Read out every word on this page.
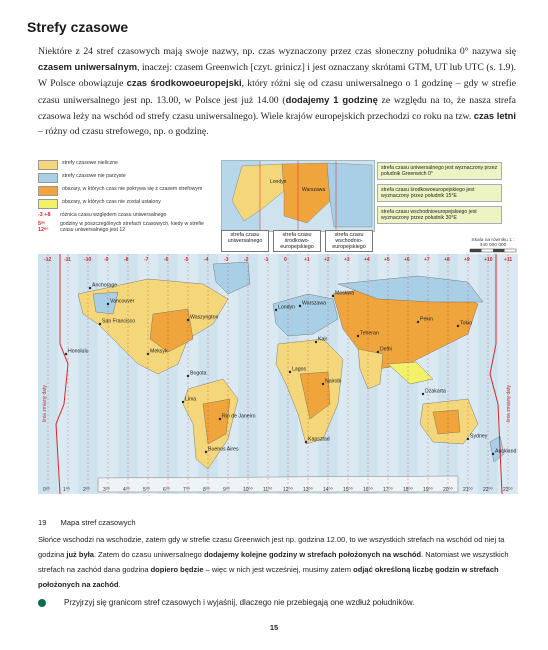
Strefy czasowe
Niektóre z 24 stref czasowych mają swoje nazwy, np. czas wyznaczony przez czas słoneczny południka 0° nazywa się czasem uniwersalnym, inaczej: czasem Greenwich [czyt. grinicz] i jest oznaczany skrótami GTM, UT lub UTC (s. 1.9). W Polsce obowiązuje czas środkowoeuropejski, który różni się od czasu uniwersalnego o 1 godzinę – gdy w strefie czasu uniwersalnego jest np. 13.00, w Polsce jest już 14.00 (dodajemy 1 godzinę ze względu na to, że nasza strefa czasowa leży na wschód od strefy czasu uniwersalnego). Wiele krajów europejskich przechodzi co roku na tzw. czas letni – różny od czasu strefowego, np. o godzinę.
strefy czasowe nieliczne
strefy czasowe nie parzyste
obszary, w których czas nie pokrywa się z czasem strefowym
obszary, w których czas nie został ustalony
-3 +8	różnica czasu względem czasu uniwersalnego
5ᵒⁿ 12ᵒⁿ
godziny w poszczególnych strefach czasowych, kiedy w strefie czasu uniwersalnego jest 12
Londyn
Warszawa
strefa czasu uniwersalnego
strefa czasu środkowo-europejskiego
strefa czasu wschodnio-europejskiego
strefa czasu uniwersalnego jest wyznaczony przez południk Greenwich 0°
strefa czasu środkowoeuropejskiego jest wyznaczony przez południk 15°E
strefa czasu wschodnioeuropejskiego jest wyznaczony przez południk 30°E
Skala na równiku 1 : 340 000 000
linia zmiany daty	linia zmiany daty
Anchorage
Vancouver
San Francisco
Honolulu
Waszyngton
Meksyk
Bogota
Lima
Rio de Janeiro
Buenos Aires
Londyn
Warszawa
Kair
Lagos
Nairobi
Kapsztad
Moskwa
Teheran
Delhi
Pekin
Tokio
Dżakarta
Sydney
Auckland
-12
0⁰⁰
-11
1⁰⁰
-10
2⁰⁰
-9
3⁰⁰
-8
4⁰⁰
-7
5⁰⁰
-6
6⁰⁰
-5
7⁰⁰
-4
8⁰⁰
-3
9⁰⁰
-2
10⁰⁰
-1
11⁰⁰
0
12⁰⁰
+1
13⁰⁰
+2
14⁰⁰
+3
15⁰⁰
+4
16⁰⁰
+5
17⁰⁰
+6
18⁰⁰
+7
19⁰⁰
+8
20⁰⁰
+9
21⁰⁰
+10
22⁰⁰
+11
23⁰⁰
19 Mapa stref czasowych
Słońce wschodzi na wschodzie, zatem gdy w strefie czasu Greenwich jest np. godzina 12.00, to we wszystkich strefach na wschód od niej ta godzina już była. Zatem do czasu uniwersalnego dodajemy kolejne godziny w strefach położonych na wschód. Natomiast we wszystkich strefach na zachód dana godzina dopiero będzie – więc w nich jest wcześniej, musimy zatem odjąć określoną liczbę godzin w strefach położonych na zachód.
Przyjrzyj się granicom stref czasowych i wyjaśnij, dlaczego nie przebiegają one wzdłuż południków.
15
